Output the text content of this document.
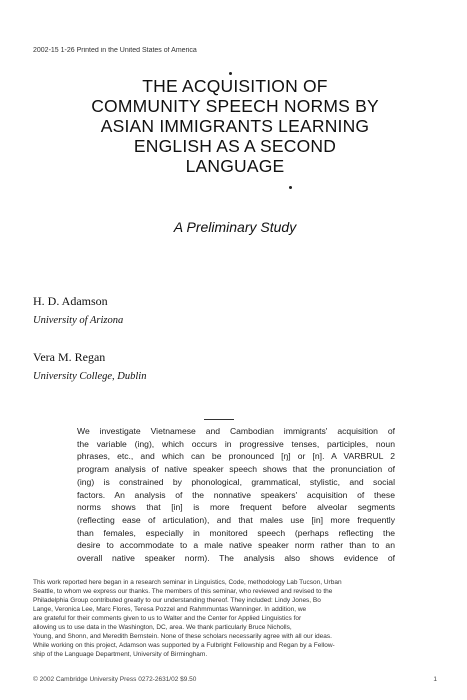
2002-15 1-26 Printed in the United States of America
THE ACQUISITION OF
COMMUNITY SPEECH NORMS BY
ASIAN IMMIGRANTS LEARNING
ENGLISH AS A SECOND
LANGUAGE
A Preliminary Study
H. D. Adamson
University of Arizona
Vera M. Regan
University College, Dublin
We investigate Vietnamese and Cambodian immigrants' acquisition of
the variable (ing), which occurs in progressive tenses, participles, noun
phrases, etc., and which can be pronounced [ŋ] or [n]. A VARBRUL 2
program analysis of native speaker speech shows that the pronunciation of
(ing) is constrained by phonological, grammatical, stylistic, and social
factors. An analysis of the nonnative speakers' acquisition of these
norms shows that [in] is more frequent before alveolar segments
(reflecting ease of articulation), and that males use [in] more frequently
than females, especially in monitored speech (perhaps reflecting the
desire to accommodate to a male native speaker norm rather than to an
overall native speaker norm). The analysis also shows evidence of
This work reported here began in a research seminar in Linguistics, Code, methodology Lab Tucson, Urban
Seattle, to whom we express our thanks. The members of this seminar, who reviewed and revised to the
Philadelphia Group contributed greatly to our understanding thereof. They included: Lindy Jones, Bo
Lange, Veronica Lee, Marc Flores, Teresa Pozzel and Rahmmuntas Wanninger. In addition, we
are grateful for their comments given to us to Walter and the Center for Applied Linguistics for
allowing us to use data in the Washington, DC, area. We thank particularly Bruce Nicholls,
Young, and Shonn, and Meredith Bernstein. None of these scholars necessarily agree with all our ideas.
While working on this project, Adamson was supported by a Fulbright Fellowship and Regan by a Fellow-
ship of the Language Department, University of Birmingham.
© 2002 Cambridge University Press 0272-2631/02 $9.50	1
